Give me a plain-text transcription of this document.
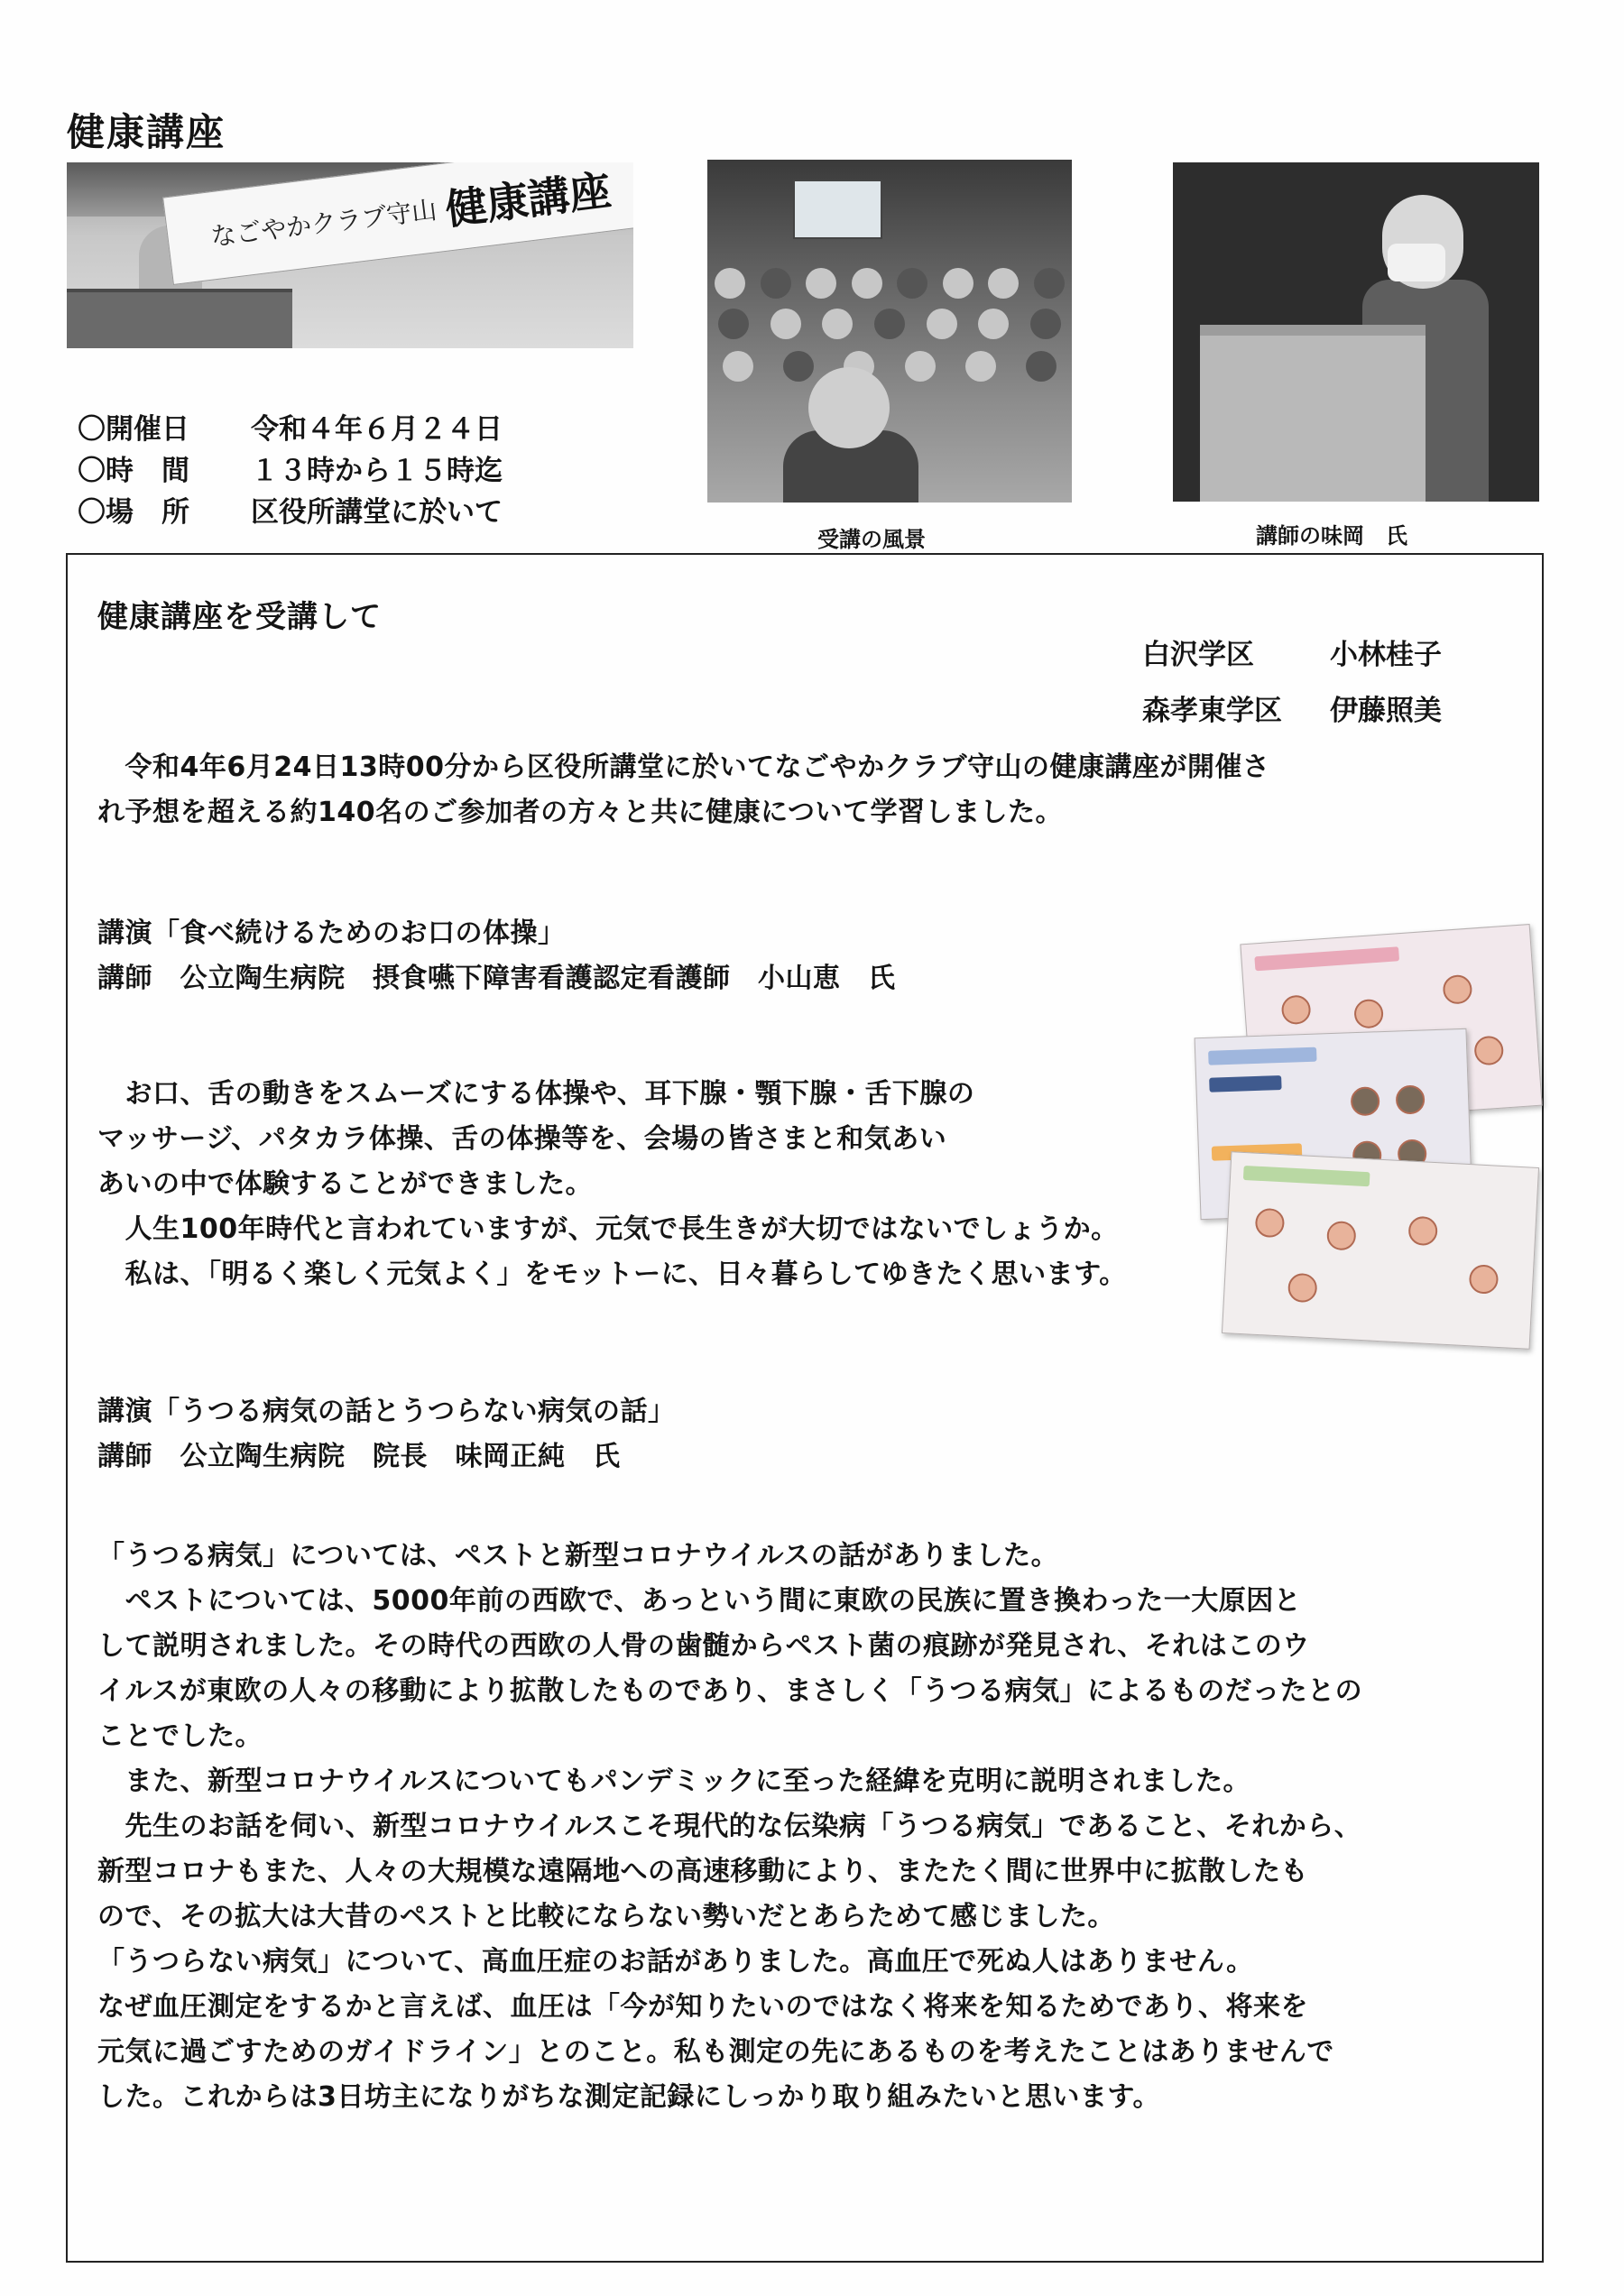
健康講座
なごやかクラブ守山 健康講座
受講の風景	講師の味岡　氏
〇開催日	令和４年６月２４日
〇時　間	１３時から１５時迄
〇場　所	区役所講堂に於いて
健康講座を受講して
白沢学区	小林桂子
森孝東学区 伊藤照美

　令和4年6月24日13時00分から区役所講堂に於いてなごやかクラブ守山の健康講座が開催さ

れ予想を超える約140名のご参加者の方々と共に健康について学習しました。

講演「食べ続けるためのお口の体操」

講師　公立陶生病院　摂食嚥下障害看護認定看護師　小山恵　氏

　お口、舌の動きをスムーズにする体操や、耳下腺・顎下腺・舌下腺の

マッサージ、パタカラ体操、舌の体操等を、会場の皆さまと和気あい

あいの中で体験することができました。

　人生100年時代と言われていますが、元気で長生きが大切ではないでしょうか。

　私は、「明るく楽しく元気よく」をモットーに、日々暮らしてゆきたく思います。

講演「うつる病気の話とうつらない病気の話」

講師　公立陶生病院　院長　味岡正純　氏

「うつる病気」については、ペストと新型コロナウイルスの話がありました。

　ペストについては、5000年前の西欧で、あっという間に東欧の民族に置き換わった一大原因と

して説明されました。その時代の西欧の人骨の歯髄からペスト菌の痕跡が発見され、それはこのウ

イルスが東欧の人々の移動により拡散したものであり、まさしく「うつる病気」によるものだったとの

ことでした。

　また、新型コロナウイルスについてもパンデミックに至った経緯を克明に説明されました。

　先生のお話を伺い、新型コロナウイルスこそ現代的な伝染病「うつる病気」であること、それから、

新型コロナもまた、人々の大規模な遠隔地への高速移動により、またたく間に世界中に拡散したも

ので、その拡大は大昔のペストと比較にならない勢いだとあらためて感じました。

「うつらない病気」について、高血圧症のお話がありました。高血圧で死ぬ人はありません。

なぜ血圧測定をするかと言えば、血圧は「今が知りたいのではなく将来を知るためであり、将来を

元気に過ごすためのガイドライン」とのこと。私も測定の先にあるものを考えたことはありませんで

した。これからは3日坊主になりがちな測定記録にしっかり取り組みたいと思います。
